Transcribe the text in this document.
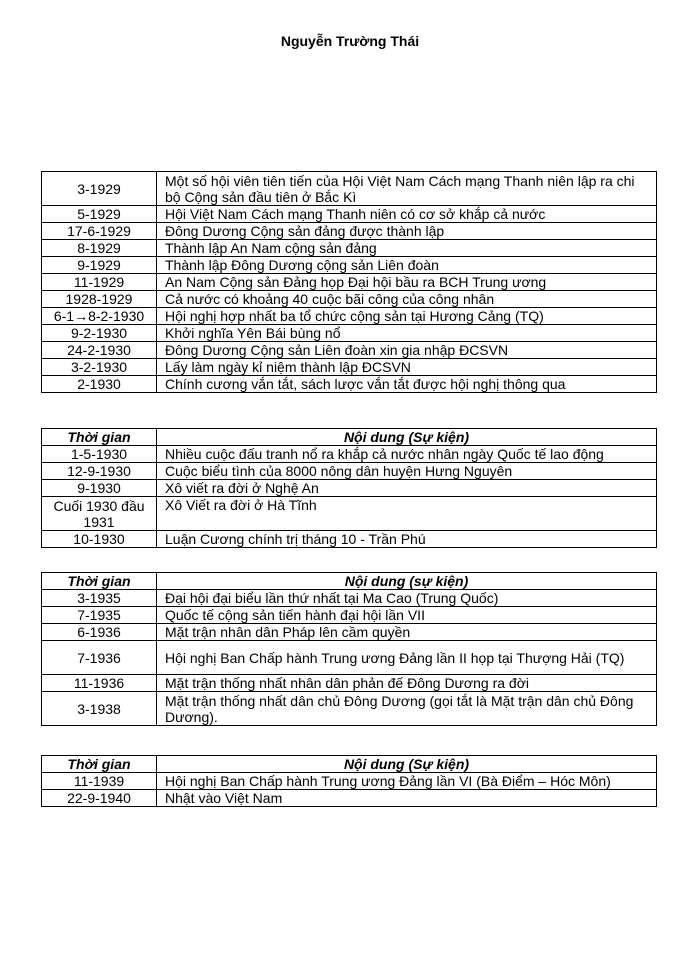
Nguyễn Trường Thái
3-1929	Một số hội viên tiên tiến của Hội Việt Nam Cách mạng Thanh niên lập ra chi bộ Cộng sản đầu tiên ở Bắc Kì
5-1929	Hội Việt Nam Cách mạng Thanh niên có cơ sở khắp cả nước
17-6-1929	Đông Dương Cộng sản đảng được thành lập
8-1929	Thành lập An Nam cộng sản đảng
9-1929	Thành lập Đông Dương cộng sản Liên đoàn
11-1929	An Nam Cộng sản Đảng họp Đại hội bầu ra BCH Trung ương
1928-1929	Cả nước có khoảng 40 cuộc bãi công của công nhân
6-1→8-2-1930	Hội nghị hợp nhất ba tổ chức cộng sản tại Hương Cảng (TQ)
9-2-1930	Khởi nghĩa Yên Bái bùng nổ
24-2-1930	Đông Dương Cộng sản Liên đoàn xin gia nhập ĐCSVN
3-2-1930	Lấy làm ngày kỉ niệm thành lập ĐCSVN
2-1930	Chính cương vắn tắt, sách lược vắn tắt được hội nghị thông qua
Thời gian	Nội dung (Sự kiện)
1-5-1930	Nhiều cuộc đấu tranh nổ ra khắp cả nước nhân ngày Quốc tế lao động
12-9-1930	Cuộc biểu tình của 8000 nông dân huyện Hưng Nguyên
9-1930	Xô viết ra đời ở Nghệ An
Cuối 1930 đầu 1931	Xô Viết ra đời ở Hà Tĩnh
10-1930	Luận Cương chính trị tháng 10 - Trần Phú
Thời gian	Nội dung (sự kiện)
3-1935	Đại hội đại biểu lần thứ nhất tại Ma Cao (Trung Quốc)
7-1935	Quốc tế cộng sản tiến hành đại hội lần VII
6-1936	Mặt trận nhân dân Pháp lên cầm quyền
7-1936	Hội nghị Ban Chấp hành Trung ương Đảng lần II họp tại Thượng Hải (TQ)
11-1936	Mặt trận thống nhất nhân dân phản đế Đông Dương ra đời
3-1938	Mặt trận thống nhất dân chủ Đông Dương (gọi tắt là Mặt trận dân chủ Đông Dương).
Thời gian	Nội dung (Sự kiện)
11-1939	Hội nghị Ban Chấp hành Trung ương Đảng lần VI (Bà Điểm – Hóc Môn)
22-9-1940	Nhật vào Việt Nam
